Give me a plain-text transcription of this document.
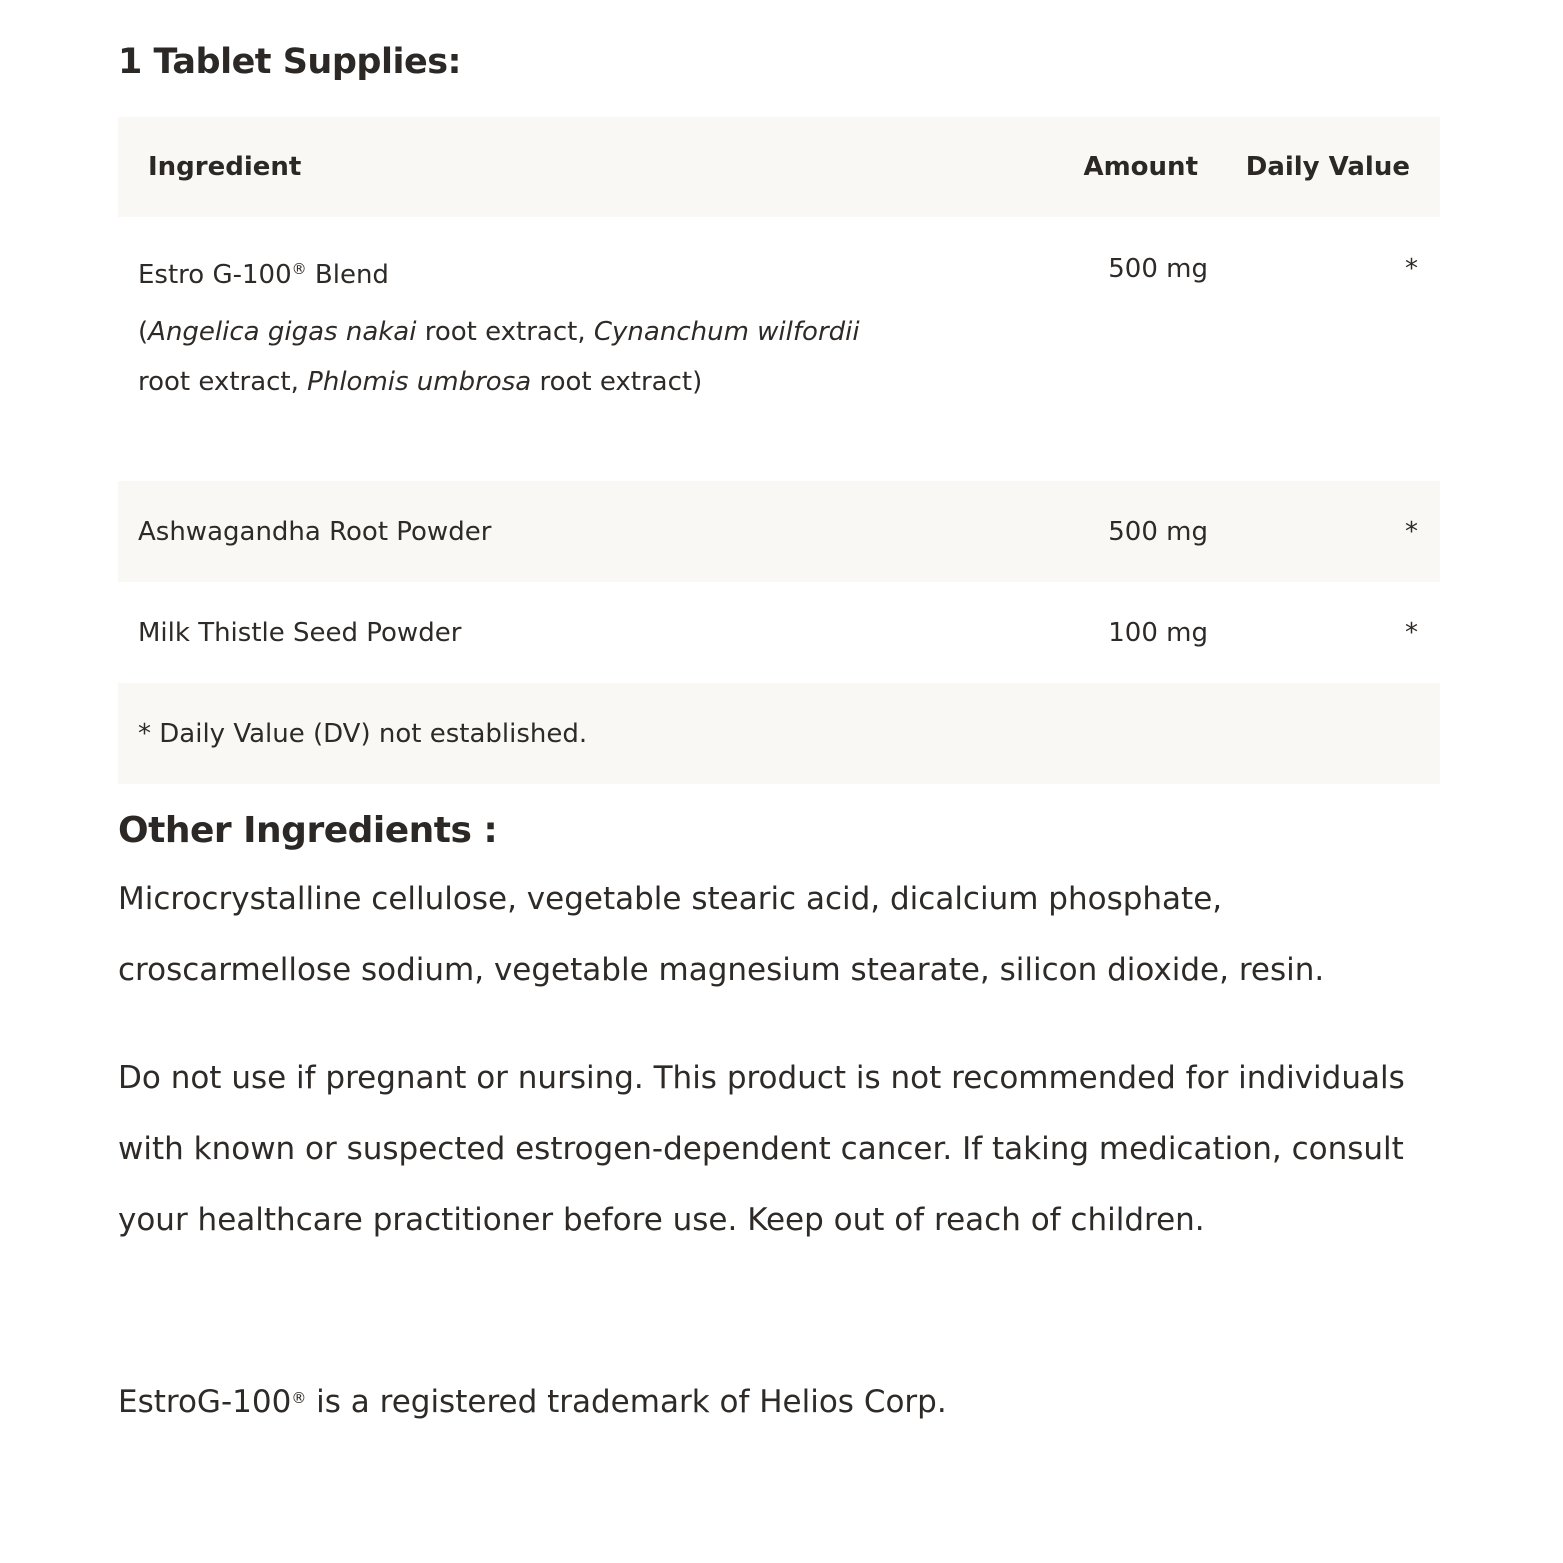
1 Tablet Supplies:
Ingredient	Amount	Daily Value

Estro G-100® Blend
(Angelica gigas nakai root extract, Cynanchum wilfordii
root extract, Phlomis umbrosa root extract)	500 mg	*
Ashwagandha Root Powder	500 mg	*
Milk Thistle Seed Powder	100 mg	*
* Daily Value (DV) not established.		
Other Ingredients :

Microcrystalline cellulose, vegetable stearic acid, dicalcium phosphate, croscarmellose sodium, vegetable magnesium stearate, silicon dioxide, resin.

Do not use if pregnant or nursing. This product is not recommended for individuals with known or suspected estrogen-dependent cancer. If taking medication, consult your healthcare practitioner before use. Keep out of reach of children.

EstroG-100® is a registered trademark of Helios Corp.
